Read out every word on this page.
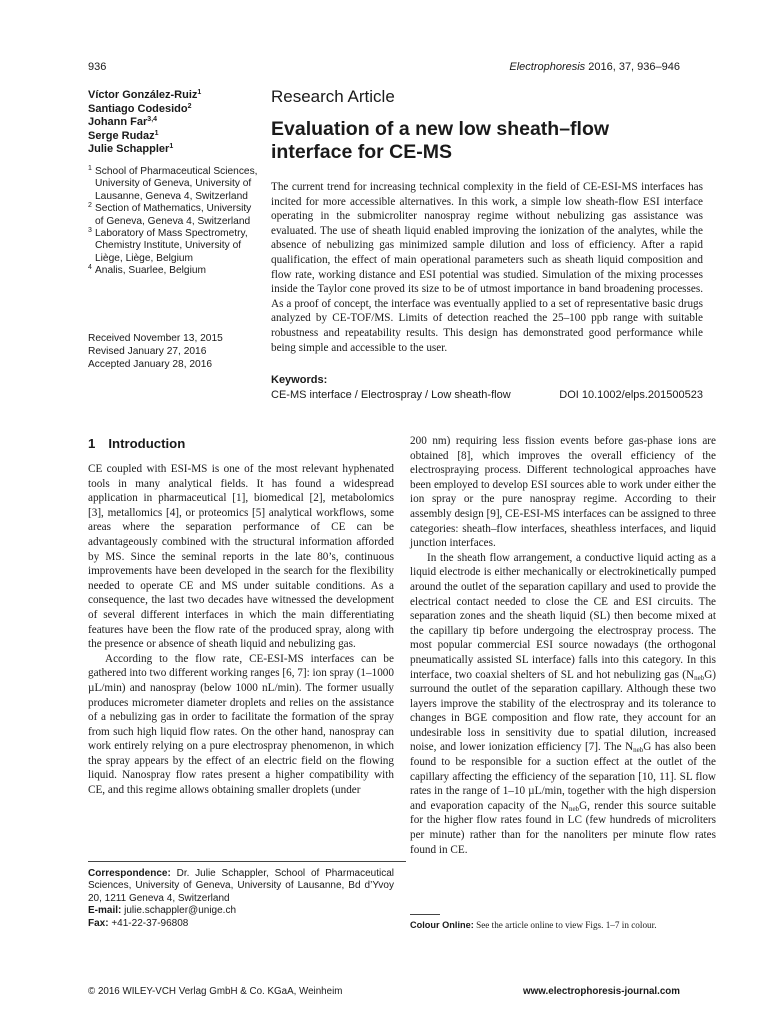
936	Electrophoresis 2016, 37, 936–946
Víctor González-Ruiz$^1$
Santiago Codesido$^2$
Johann Far$^{3,4}$
Serge Rudaz$^1$
Julie Schappler$^1$
1 School of Pharmaceutical Sciences, University of Geneva, University of Lausanne, Geneva 4, Switzerland
2 Section of Mathematics, University of Geneva, Geneva 4, Switzerland
3 Laboratory of Mass Spectrometry, Chemistry Institute, University of Liège, Liège, Belgium
4 Analis, Suarlee, Belgium
Received November 13, 2015
Revised January 27, 2016
Accepted January 28, 2016
Research Article
Evaluation of a new low sheath–flow interface for CE-MS
The current trend for increasing technical complexity in the field of CE-ESI-MS interfaces has incited for more accessible alternatives. In this work, a simple low sheath-flow ESI interface operating in the submicroliter nanospray regime without nebulizing gas assistance was evaluated. The use of sheath liquid enabled improving the ionization of the analytes, while the absence of nebulizing gas minimized sample dilution and loss of efficiency. After a rapid qualification, the effect of main operational parameters such as sheath liquid composition and flow rate, working distance and ESI potential was studied. Simulation of the mixing processes inside the Taylor cone proved its size to be of utmost importance in band broadening processes. As a proof of concept, the interface was eventually applied to a set of representative basic drugs analyzed by CE-TOF/MS. Limits of detection reached the 25–100 ppb range with suitable robustness and repeatability results. This design has demonstrated good performance while being simple and accessible to the user.
Keywords:
CE-MS interface / Electrospray / Low sheath-flow	DOI 10.1002/elps.201500523
1 Introduction

CE coupled with ESI-MS is one of the most relevant hyphenated tools in many analytical fields. It has found a widespread application in pharmaceutical [1], biomedical [2], metabolomics [3], metallomics [4], or proteomics [5] analytical workflows, some areas where the separation performance of CE can be advantageously combined with the structural information afforded by MS. Since the seminal reports in the late 80’s, continuous improvements have been developed in the search for the flexibility needed to operate CE and MS under suitable conditions. As a consequence, the last two decades have witnessed the development of several different interfaces in which the main differentiating features have been the flow rate of the produced spray, along with the presence or absence of sheath liquid and nebulizing gas.

According to the flow rate, CE-ESI-MS interfaces can be gathered into two different working ranges [6, 7]: ion spray (1–1000 µL/min) and nanospray (below 1000 nL/min). The former usually produces micrometer diameter droplets and relies on the assistance of a nebulizing gas in order to facilitate the formation of the spray from such high liquid flow rates. On the other hand, nanospray can work entirely relying on a pure electrospray phenomenon, in which the spray appears by the effect of an electric field on the flowing liquid. Nanospray flow rates present a higher compatibility with CE, and this regime allows obtaining smaller droplets (under

200 nm) requiring less fission events before gas-phase ions are obtained [8], which improves the overall efficiency of the electrospraying process. Different technological approaches have been employed to develop ESI sources able to work under either the ion spray or the pure nanospray regime. According to their assembly design [9], CE-ESI-MS interfaces can be assigned to three categories: sheath–flow interfaces, sheathless interfaces, and liquid junction interfaces.

In the sheath flow arrangement, a conductive liquid acting as a liquid electrode is either mechanically or electrokinetically pumped around the outlet of the separation capillary and used to provide the electrical contact needed to close the CE and ESI circuits. The separation zones and the sheath liquid (SL) then become mixed at the capillary tip before undergoing the electrospray process. The most popular commercial ESI source nowadays (the orthogonal pneumatically assisted SL interface) falls into this category. In this interface, two coaxial shelters of SL and hot nebulizing gas $(N_{neb}G)$ surround the outlet of the separation capillary. Although these two layers improve the stability of the electrospray and its tolerance to changes in BGE composition and flow rate, they account for an undesirable loss in sensitivity due to spatial dilution, increased noise, and lower ionization efficiency [7]. The $N_{neb}G$ has also been found to be responsible for a suction effect at the outlet of the capillary affecting the efficiency of the separation [10, 11]. SL flow rates in the range of 1–10 µL/min, together with the high dispersion and evaporation capacity of the $N_{neb}G$, render this source suitable for the higher flow rates found in LC (few hundreds of microliters per minute) rather than for the nanoliters per minute flow rates found in CE.

Correspondence: Dr. Julie Schappler, School of Pharmaceutical Sciences, University of Geneva, University of Lausanne, Bd d’Yvoy 20, 1211 Geneva 4, Switzerland
E-mail: julie.schappler@unige.ch
Fax: +41-22-37-96808	Colour Online: See the article online to view Figs. 1–7 in colour.
© 2016 WILEY-VCH Verlag GmbH & Co. KGaA, Weinheim	www.electrophoresis-journal.com
